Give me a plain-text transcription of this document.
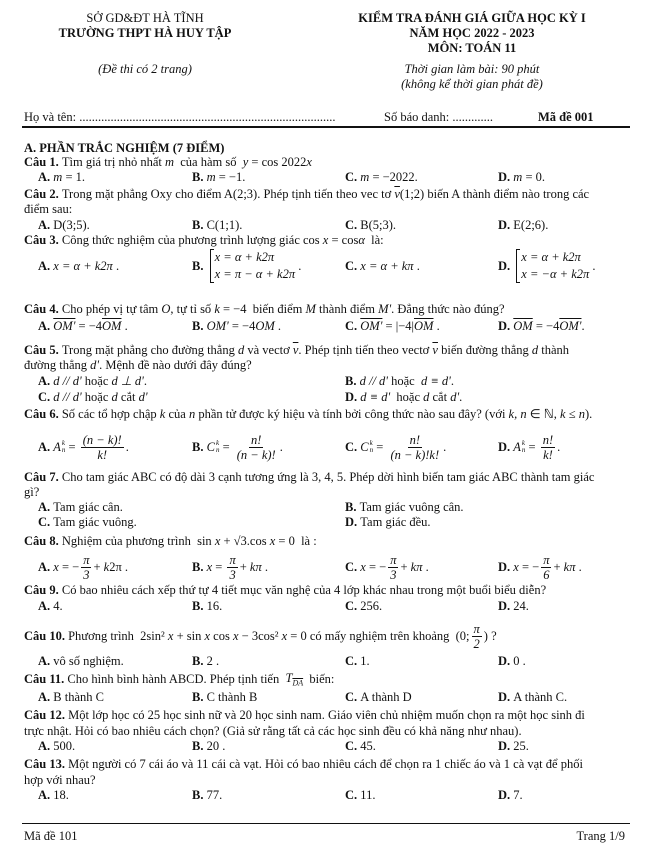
SỞ GD&ĐT HÀ TĨNH
TRƯỜNG THPT HÀ HUY TẬP
(Đề thi có 2 trang)
KIỂM TRA ĐÁNH GIÁ GIỮA HỌC KỲ I
NĂM HỌC 2022 - 2023
MÔN: TOÁN 11
Thời gian làm bài: 90 phút
(không kể thời gian phát đề)
Họ và tên: ..................................................................................	Số báo danh: .............	Mã đề 001
A. PHẦN TRẮC NGHIỆM (7 ĐIỂM)
Câu 1.
Tìm giá trị nhỏ nhất m của hàm số y = cos 2022 x
A.
m = 1.	B.
m = −1.	C.
m = −2022.	D.
m = 0.
Câu 2.
Trong mặt phẳng Oxy cho điểm A(2;3). Phép tịnh tiến theo vec tơ $\overline{v}$ (1;2) biến A thành điểm nào trong các
điểm sau:
A.
D(3;5).	B.
C(1;1).	C.
B(5;3).	D.
E(2;6).
Câu 3.
Công thức nghiệm của phương trình lượng giác cos x = cos α là:
A.
x = α + k2π .	B.

x = α + k2π
x = π − α + k2π
.	C.
x = α + kπ .	D.

x = α + k2π
x = −α + k2π
.
Câu 4.
Cho phép vị tự tâm O , tự tỉ số k = −4  biến điểm M thành điểm M' . Đẳng thức nào đúng?
A.
OM' = −4 $\overline{OM}$ .	B.
OM' = −4 OM .	C.
OM' = |−4| $\overline{OM}$ .	D.
$\overline{OM} = -4$ OM' .
Câu 5.
Trong mặt phẳng cho đường thẳng d và vectơ $\overline{v}$ . Phép tịnh tiến theo vectơ $\overline{v}$ biến đường thẳng d thành
đường thẳng d' . Mệnh đề nào dưới đây đúng?
A.
d // d' hoặc d ⊥ d' .	B.
d // d' hoặc d ≡ d' .
C.
d // d' hoặc d cắt d'	D.
d ≡ d' hoặc d cắt d' .
Câu 6.
Số các tổ hợp chập k của n phần tử được ký hiệu và tính bởi công thức nào sau đây? (với k, n ∈ ℕ, k ≤ n ).
A.
A k
$n = \frac{(n - k)!}{k!}$ .	B.
C k
$n = \frac{n!}{(n - k)!}$ .	C.
C k
$n = \frac{n!}{(n - k)!k!}$ .	D.
A k
$n = \frac{n!}{k!}$ .
Câu 7.
Cho tam giác ABC có độ dài 3 cạnh tương ứng là 3, 4, 5. Phép dời hình biến tam giác ABC thành tam giác
gì?
A.
Tam giác cân.	B.
Tam giác vuông cân.
C.
Tam giác vuông.	D.
Tam giác đều.
Câu 8.
Nghiệm của phương trình  sin x + √3.cos x = 0  là :
A.
x = − $\frac{\pi}{3} + k$ 2π .	B.
$x = \frac{\pi}{3} + k\pi$ .	C.
x = − $\frac{\pi}{3} + k\pi$ .	D.
x = − $\frac{\pi}{6} + k\pi$ .
Câu 9.
Có bao nhiêu cách xếp thứ tự 4 tiết mục văn nghệ của 4 lớp khác nhau trong một buổi biểu diễn?
A.
4.	B.
16.	C.
256.	D.
24.
Câu 10.
Phương trình  2sin² x + sin x cos x − 3cos² x = 0 có mấy nghiệm trên khoảng  (0; $\frac{\pi}{2}$ ) ?
A.
vô số nghiệm.	B.
2 .	C.
1.	D.
0 .
Câu 11.
Cho hình bình hành ABCD. Phép tịnh tiến $T_{\overline{DA}}$ biến:
A.
B thành C	B.
C thành B	C.
A thành D	D.
A thành C.
Câu 12.
Một lớp học có 25 học sinh nữ và 20 học sinh nam. Giáo viên chủ nhiệm muốn chọn ra một học sinh đi
trực nhật. Hỏi có bao nhiêu cách chọn? (Giả sử rằng tất cả các học sinh đều có khả năng như nhau).
A.
500.	B.
20 .	C.
45.	D.
25.
Câu 13.
Một người có 7 cái áo và 11 cái cà vạt. Hỏi có bao nhiêu cách để chọn ra 1 chiếc áo và 1 cà vạt để phối
hợp với nhau?
A.
18.	B.
77.	C.
11.	D.
7.
Mã đề 101	Trang 1/9
